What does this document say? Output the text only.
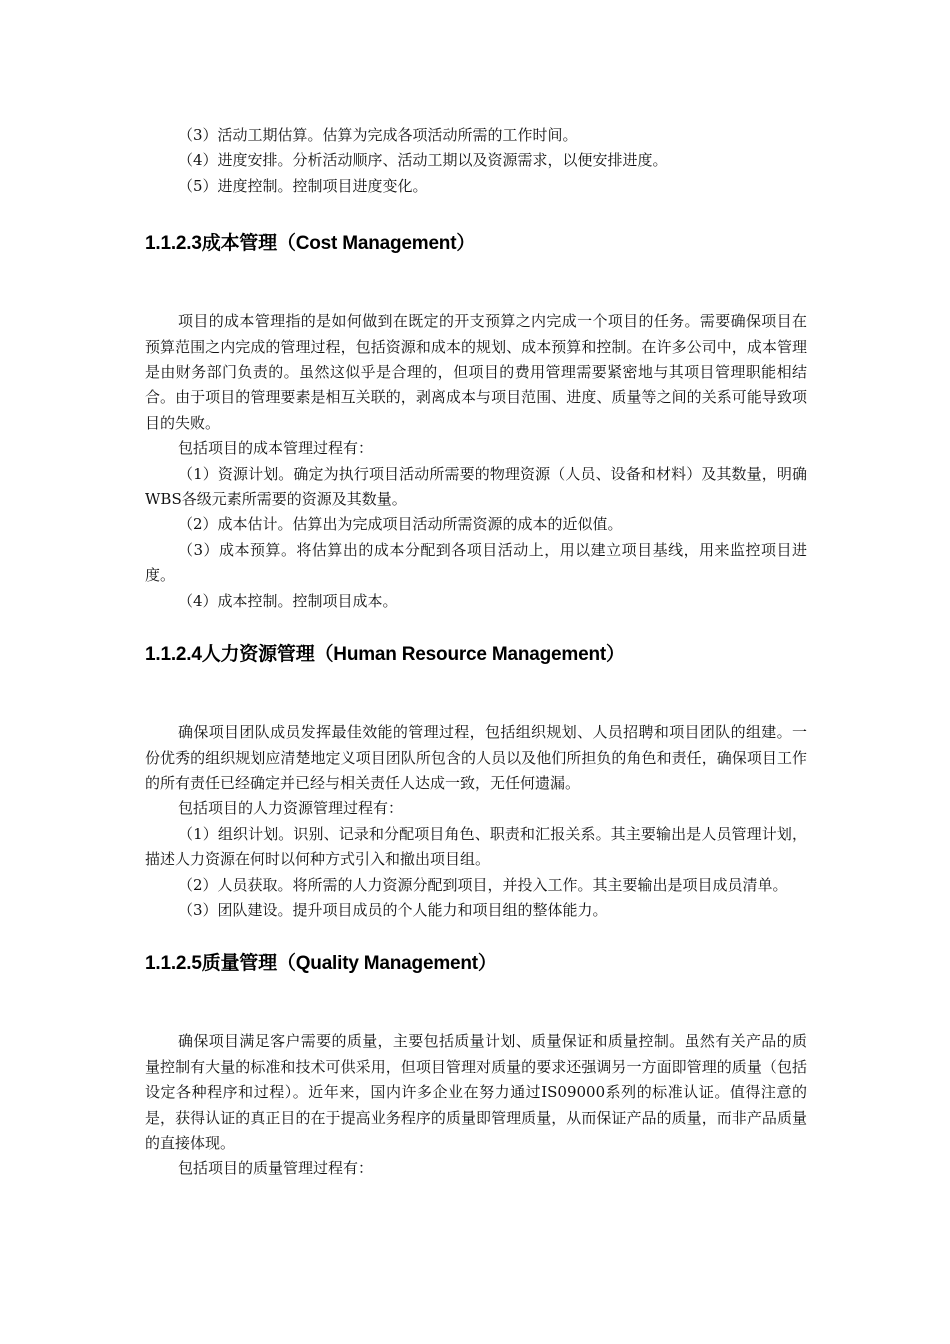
（3）活动工期估算。估算为完成各项活动所需的工作时间。

（4）进度安排。分析活动顺序、活动工期以及资源需求，以便安排进度。

（5）进度控制。控制项目进度变化。

1.1.2.3成本管理（Cost Management）

项目的成本管理指的是如何做到在既定的开支预算之内完成一个项目的任务。需要确保项目在预算范围之内完成的管理过程，包括资源和成本的规划、成本预算和控制。在许多公司中，成本管理是由财务部门负责的。虽然这似乎是合理的，但项目的费用管理需要紧密地与其项目管理职能相结合。由于项目的管理要素是相互关联的，剥离成本与项目范围、进度、质量等之间的关系可能导致项目的失败。

包括项目的成本管理过程有：

（1）资源计划。确定为执行项目活动所需要的物理资源（人员、设备和材料）及其数量，明确WBS各级元素所需要的资源及其数量。

（2）成本估计。估算出为完成项目活动所需资源的成本的近似值。

（3）成本预算。将估算出的成本分配到各项目活动上，用以建立项目基线，用来监控项目进度。

（4）成本控制。控制项目成本。

1.1.2.4人力资源管理（Human Resource Management）

确保项目团队成员发挥最佳效能的管理过程，包括组织规划、人员招聘和项目团队的组建。一份优秀的组织规划应清楚地定义项目团队所包含的人员以及他们所担负的角色和责任，确保项目工作的所有责任已经确定并已经与相关责任人达成一致，无任何遗漏。

包括项目的人力资源管理过程有：

（1）组织计划。识别、记录和分配项目角色、职责和汇报关系。其主要输出是人员管理计划，描述人力资源在何时以何种方式引入和撤出项目组。

（2）人员获取。将所需的人力资源分配到项目，并投入工作。其主要输出是项目成员清单。

（3）团队建设。提升项目成员的个人能力和项目组的整体能力。

1.1.2.5质量管理（Quality Management）

确保项目满足客户需要的质量，主要包括质量计划、质量保证和质量控制。虽然有关产品的质量控制有大量的标准和技术可供采用，但项目管理对质量的要求还强调另一方面即管理的质量（包括设定各种程序和过程）。近年来，国内许多企业在努力通过IS09000系列的标准认证。值得注意的是，获得认证的真正目的在于提高业务程序的质量即管理质量，从而保证产品的质量，而非产品质量的直接体现。

包括项目的质量管理过程有：
